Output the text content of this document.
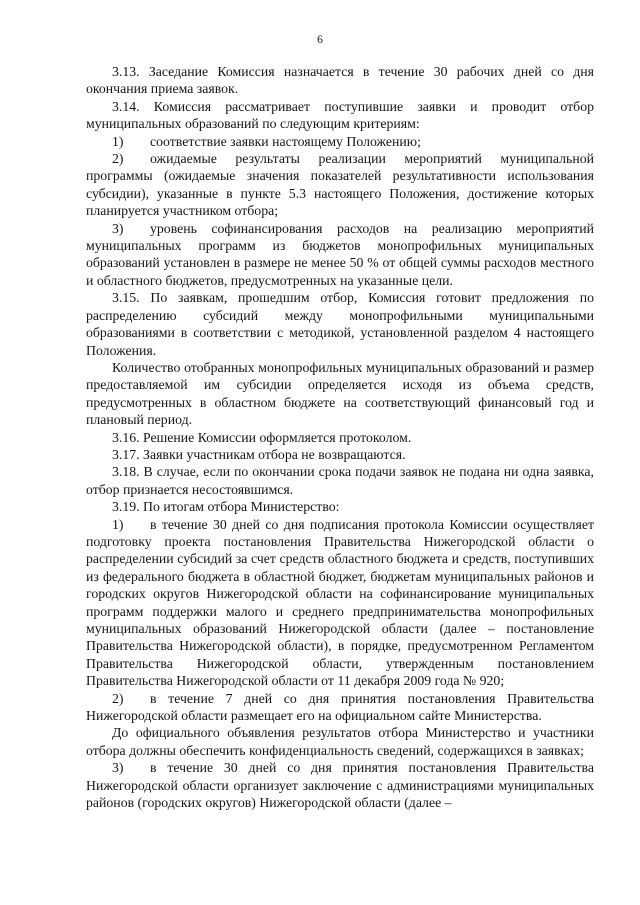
6

3.13. Заседание Комиссия назначается в течение 30 рабочих дней со дня окончания приема заявок.

3.14. Комиссия рассматривает поступившие заявки и проводит отбор муниципальных образований по следующим критериям:

1) соответствие заявки настоящему Положению;

2) ожидаемые результаты реализации мероприятий муниципальной программы (ожидаемые значения показателей результативности использования субсидии), указанные в пункте 5.3 настоящего Положения, достижение которых планируется участником отбора;

3) уровень софинансирования расходов на реализацию мероприятий муниципальных программ из бюджетов монопрофильных муниципальных образований установлен в размере не менее 50 % от общей суммы расходов местного и областного бюджетов, предусмотренных на указанные цели.

3.15. По заявкам, прошедшим отбор, Комиссия готовит предложения по распределению субсидий между монопрофильными муниципальными образованиями в соответствии с методикой, установленной разделом 4 настоящего Положения.

Количество отобранных монопрофильных муниципальных образований и размер предоставляемой им субсидии определяется исходя из объема средств, предусмотренных в областном бюджете на соответствующий финансовый год и плановый период.

3.16. Решение Комиссии оформляется протоколом.

3.17. Заявки участникам отбора не возвращаются.

3.18. В случае, если по окончании срока подачи заявок не подана ни одна заявка, отбор признается несостоявшимся.

3.19. По итогам отбора Министерство:

1) в течение 30 дней со дня подписания протокола Комиссии осуществляет подготовку проекта постановления Правительства Нижегородской области о распределении субсидий за счет средств областного бюджета и средств, поступивших из федерального бюджета в областной бюджет, бюджетам муниципальных районов и городских округов Нижегородской области на софинансирование муниципальных программ поддержки малого и среднего предпринимательства монопрофильных муниципальных образований Нижегородской области (далее – постановление Правительства Нижегородской области), в порядке, предусмотренном Регламентом Правительства Нижегородской области, утвержденным постановлением Правительства Нижегородской области от 11 декабря 2009 года № 920;

2) в течение 7 дней со дня принятия постановления Правительства Нижегородской области размещает его на официальном сайте Министерства.

До официального объявления результатов отбора Министерство и участники отбора должны обеспечить конфиденциальность сведений, содержащихся в заявках;

3) в течение 30 дней со дня принятия постановления Правительства Нижегородской области организует заключение с администрациями муниципальных районов (городских округов) Нижегородской области (далее –
